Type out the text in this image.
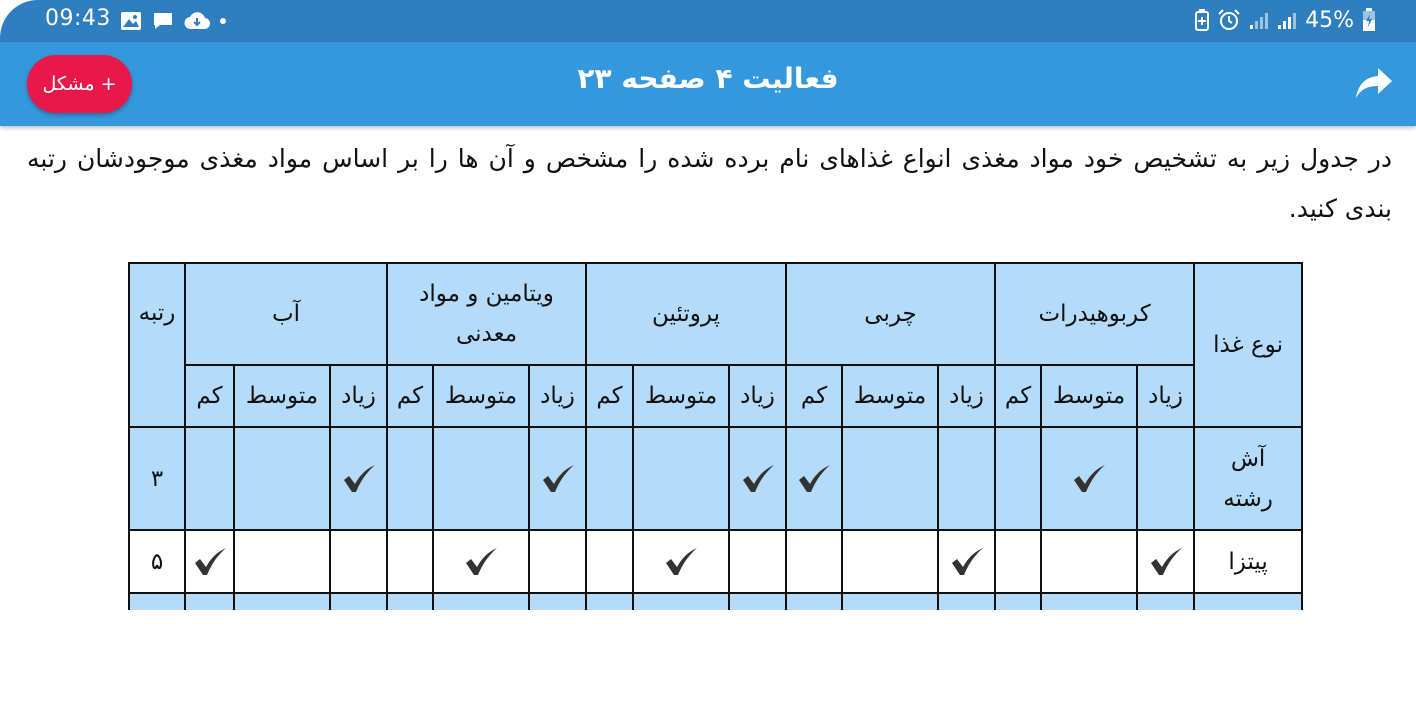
09:43	45%
فعالیت ۴ صفحه ۲۳
+ مشکل

در جدول زیر به تشخیص خود مواد مغذی انواع غذاهای نام برده شده را مشخص و آن ها را بر اساس مواد مغذی موجودشان رتبه بندی کنید.

نوع غذا	کربوهیدرات			چربی			پروتئین			ویتامین و مواد معدنی			آب			رتبه
	زیاد	متوسط	کم	زیاد	متوسط	کم	زیاد	متوسط	کم	زیاد	متوسط	کم	زیاد	متوسط	کم	
آش رشته																۳
پیتزا																۵
